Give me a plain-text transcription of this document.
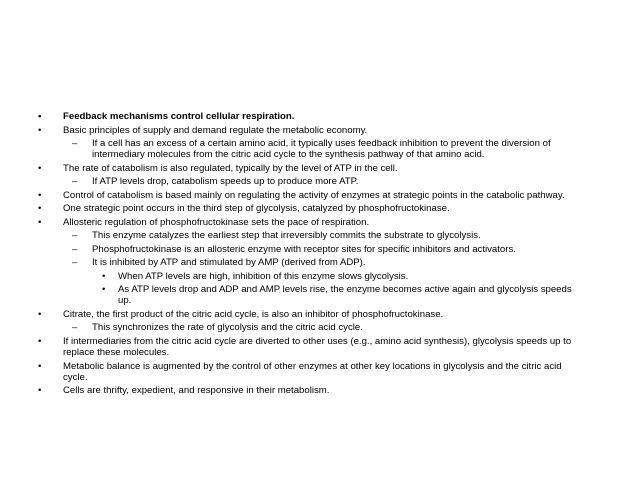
• Feedback mechanisms control cellular respiration.
• Basic principles of supply and demand regulate the metabolic economy.
– If a cell has an excess of a certain amino acid, it typically uses feedback inhibition to prevent the diversion of intermediary molecules from the citric acid cycle to the synthesis pathway of that amino acid.
• The rate of catabolism is also regulated, typically by the level of ATP in the cell.
– If ATP levels drop, catabolism speeds up to produce more ATP.
• Control of catabolism is based mainly on regulating the activity of enzymes at strategic points in the catabolic pathway.
• One strategic point occurs in the third step of glycolysis, catalyzed by phosphofructokinase.
• Allosteric regulation of phosphofructokinase sets the pace of respiration.
– This enzyme catalyzes the earliest step that irreversibly commits the substrate to glycolysis.
– Phosphofructokinase is an allosteric enzyme with receptor sites for specific inhibitors and activators.
– It is inhibited by ATP and stimulated by AMP (derived from ADP).
• When ATP levels are high, inhibition of this enzyme slows glycolysis.
• As ATP levels drop and ADP and AMP levels rise, the enzyme becomes active again and glycolysis speeds up.
• Citrate, the first product of the citric acid cycle, is also an inhibitor of phosphofructokinase.
– This synchronizes the rate of glycolysis and the citric acid cycle.
• If intermediaries from the citric acid cycle are diverted to other uses (e.g., amino acid synthesis), glycolysis speeds up to replace these molecules.
• Metabolic balance is augmented by the control of other enzymes at other key locations in glycolysis and the citric acid cycle.
• Cells are thrifty, expedient, and responsive in their metabolism.
